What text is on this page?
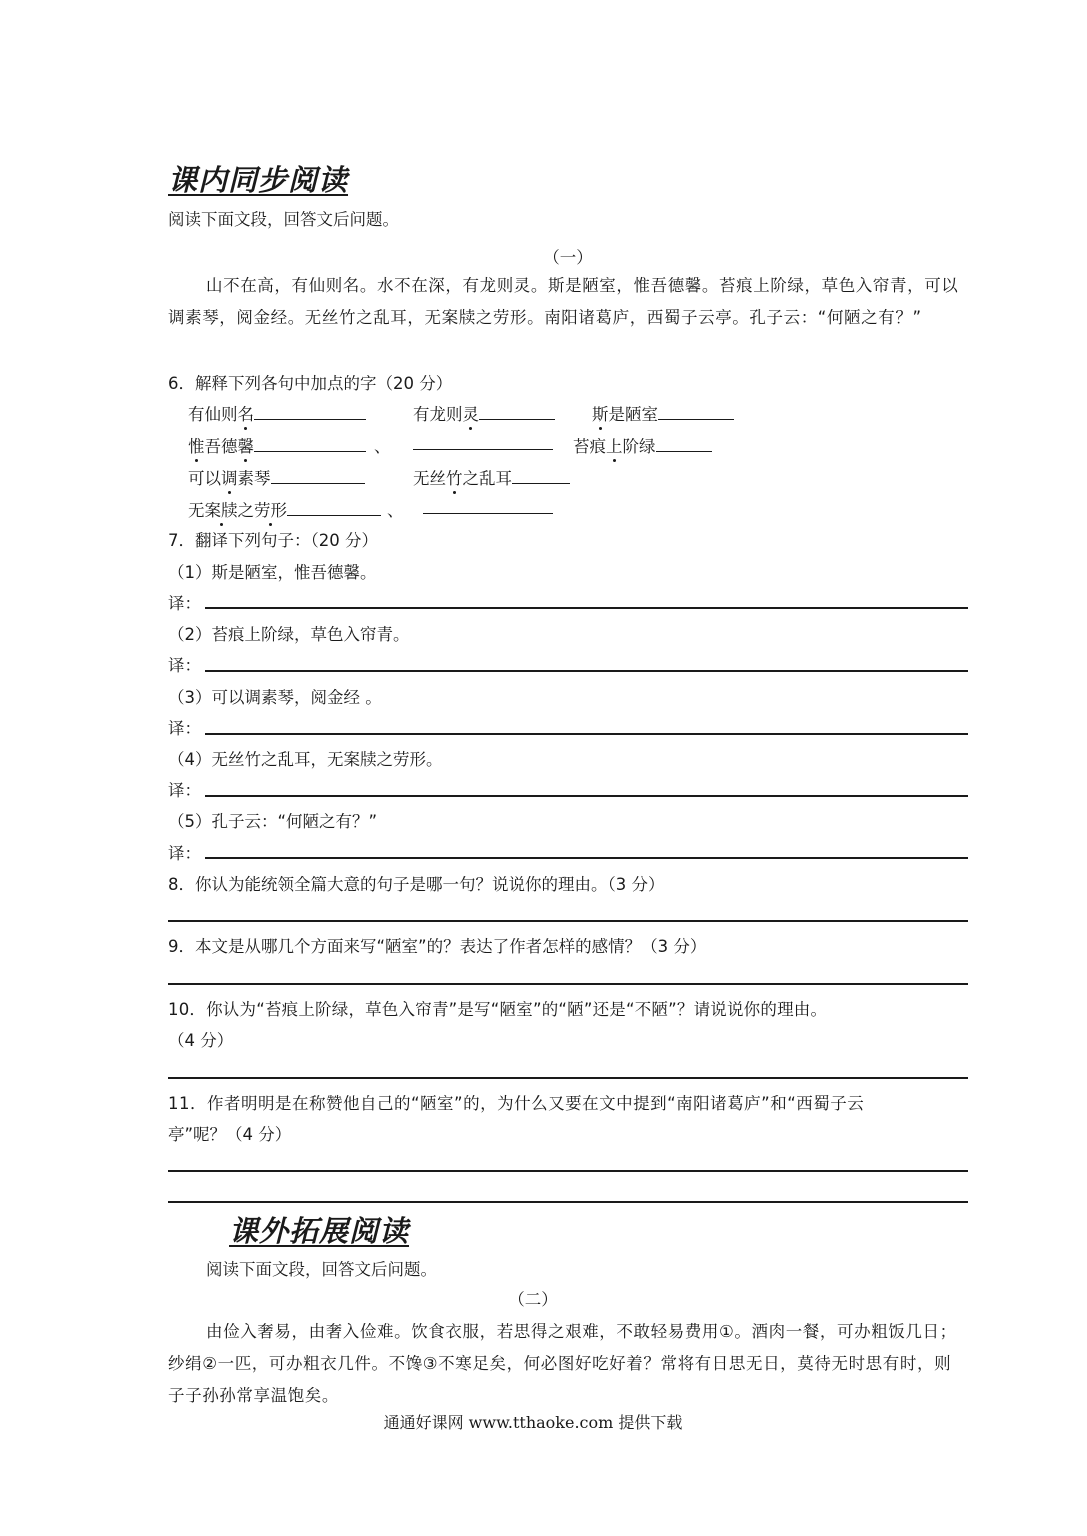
课内同步阅读
阅读下面文段，回答文后问题。
（一）
山不在高，有仙则名。水不在深，有龙则灵。斯是陋室，惟吾德馨。苔痕上阶绿，草色入帘青，可以调素琴，阅金经。无丝竹之乱耳，无案牍之劳形。南阳诸葛庐，西蜀子云亭。孔子云：“何陋之有？”
6．解释下列各句中加点的字（20 分）
有仙则名	有龙则灵	斯是陋室
惟吾德馨	、	苔痕上阶绿
可以调素琴	无丝竹之乱耳
无案牍之劳形	、
7．翻译下列句子：（20 分）
（1）斯是陋室，惟吾德馨。
译：
（2）苔痕上阶绿，草色入帘青。
译：
（3）可以调素琴，阅金经 。
译：
（4）无丝竹之乱耳，无案牍之劳形。
译：
（5）孔子云：“何陋之有？”
译：
8．你认为能统领全篇大意的句子是哪一句？说说你的理由。（3 分）
9．本文是从哪几个方面来写“陋室”的？表达了作者怎样的感情？（3 分）
10．你认为“苔痕上阶绿，草色入帘青”是写“陋室”的“陋”还是“不陋”？请说说你的理由。
（4 分）
11．作者明明是在称赞他自己的“陋室”的，为什么又要在文中提到“南阳诸葛庐”和“西蜀子云
亭”呢？（4 分）
课外拓展阅读
阅读下面文段，回答文后问题。
（二）
由俭入奢易，由奢入俭难。饮食衣服，若思得之艰难，不敢轻易费用①。酒肉一餐，可办粗饭几日；纱绢②一匹，可办粗衣几件。不馋③不寒足矣，何必图好吃好着？常将有日思无日，莫待无时思有时，则子子孙孙常享温饱矣。
通通好课网 www.tthaoke.com 提供下载
